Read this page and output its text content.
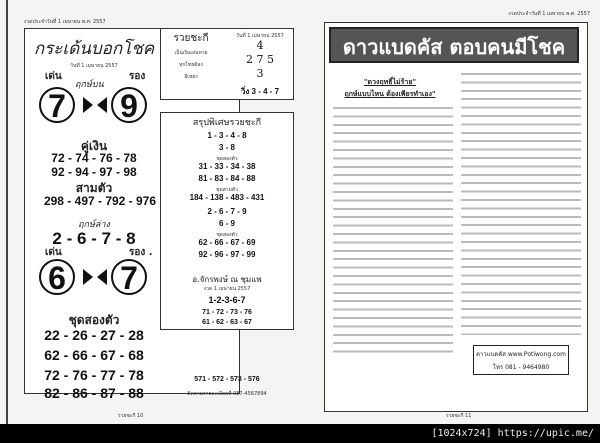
งวดประจำวันที่ 1 เมษายน พ.ศ. 2557
กระเด้นบอกโชค
วันที่ 1 เมษายน 2557
เด่น	รอง
ฤกษ์บน
7 9
คู่เงิน
72 - 74 - 76 - 78
92 - 94 - 97 - 98
สามตัว
298 - 497 - 792 - 976
ฤกษ์ล่าง
2 - 6 - 7 - 8
เด่น	รอง .
6 7
ชุดสองตัว
22 - 26 - 27 - 28
62 - 66 - 67 - 68
72 - 76 - 77 - 78
82 - 86 - 87 - 88
รวยชะกี 10
งวดประจำวันที่ 1 เมษายน พ.ศ. 2557
ดาวแบดคัส ตอบคนมีโชค
"ดวงฤทธิ์ไม่ร้าย"
ฤกษ์แบบไหน ต้องเพียรทำเอง"
ดาวแบดคัส www.Potiwong.com
โทร 081 - 9464980
รวยชะกี 11
รวยชะกี
เป็นเงินเล่นหวย
ทุกไทยต้อง
อีเหย่ง
วันที่ 1 เมษายน 2557
4
2 7 5
3
วิ่ง 3 - 4 - 7
สรุปพิเศษรวยชะกี
1 - 3 - 4 - 8
3 - 8
ชุดสองตัว
31 - 33 - 34 - 38
81 - 83 - 84 - 88
ชุดสามตัว
184 - 138 - 483 - 431
2 - 6 - 7 - 9
6 - 9
ชุดสองตัว
62 - 66 - 67 - 69
92 - 96 - 97 - 99
อ.จักรพงษ์ ณ ชุมแพ
งวด 1 เมษายน 2557
1-2-3-6-7
71 - 72 - 73 - 76
61 - 62 - 63 - 67
571 - 572 - 573 - 576
ติดตามรายละเอียดที่ 087-4567894
[1024x724] https://upic.me/
